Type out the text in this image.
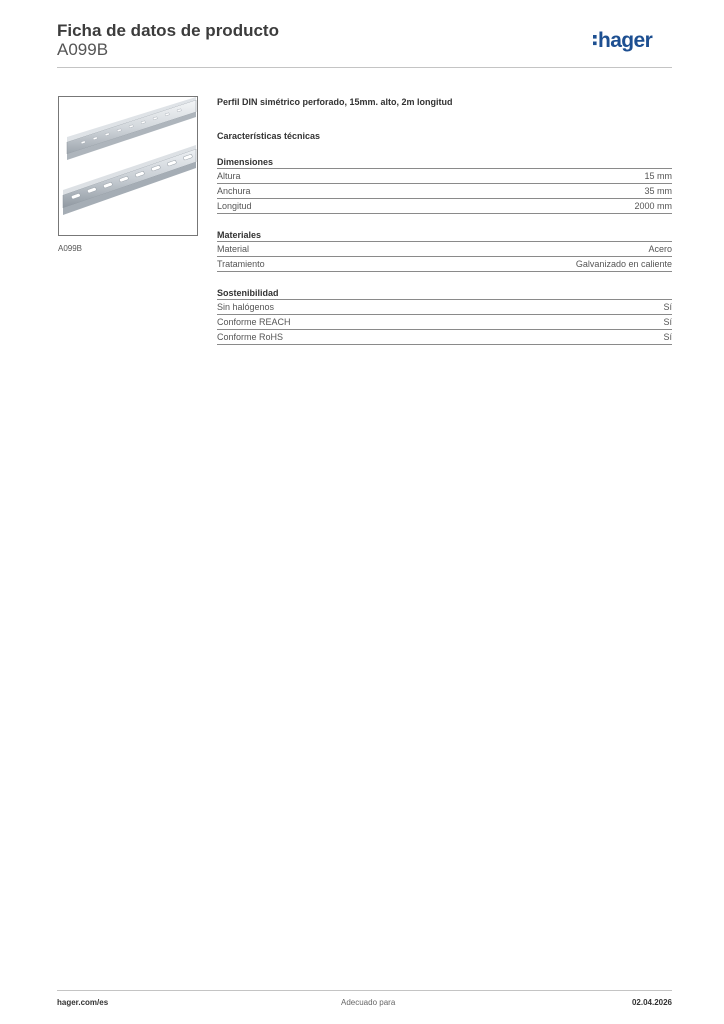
Ficha de datos de producto
A099B	hager
A099B

Perfil DIN simétrico perforado, 15mm. alto, 2m longitud

Características técnicas

Dimensiones
Altura	15 mm
Anchura	35 mm
Longitud	2000 mm
Materiales
Material	Acero
Tratamiento	Galvanizado en caliente
Sostenibilidad
Sin halógenos	Sí
Conforme REACH	Sí
Conforme RoHS	Sí
hager.com/es	Adecuado para	02.04.2026
